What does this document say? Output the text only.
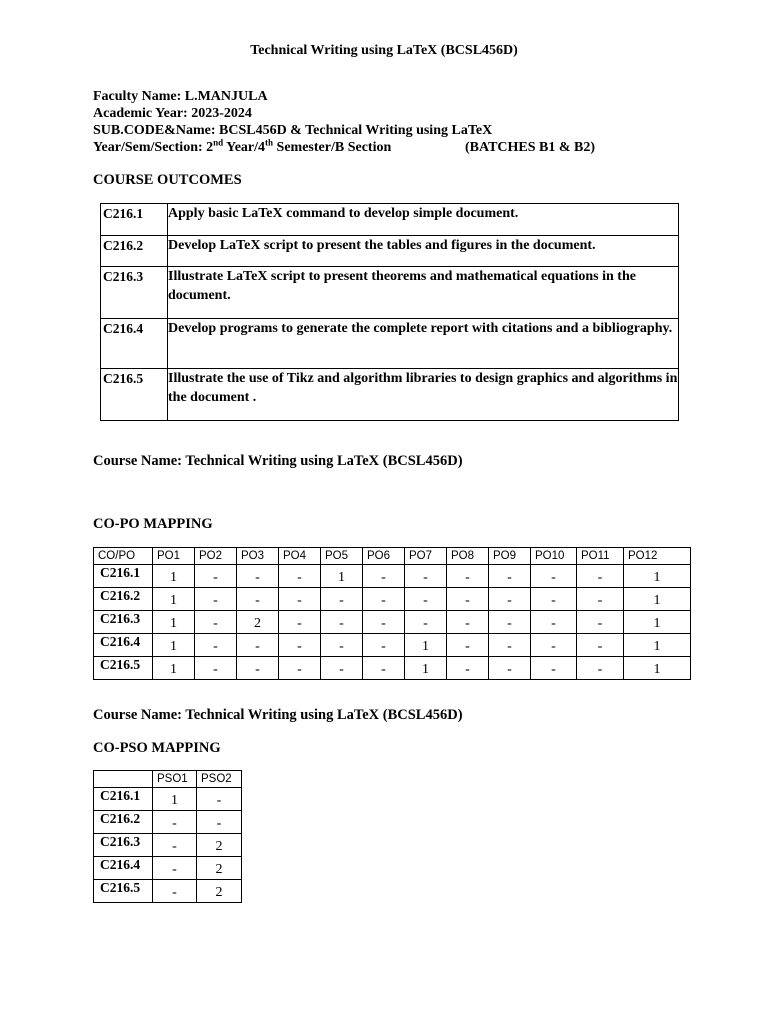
Technical Writing using LaTeX (BCSL456D)
Faculty Name: L.MANJULA
Academic Year: 2023-2024
SUB.CODE&Name: BCSL456D & Technical Writing using LaTeX
Year/Sem/Section: 2nd Year/4th Semester/B Section	(BATCHES B1 & B2)
COURSE OUTCOMES
C216.1	Apply basic LaTeX command to develop simple document.
C216.2	Develop LaTeX script to present the tables and figures in the document.
C216.3	Illustrate LaTeX script to present theorems and mathematical equations in the document.
C216.4	Develop programs to generate the complete report with citations and a bibliography.
C216.5	Illustrate the use of Tikz and algorithm libraries to design graphics and algorithms in the document .
Course Name: Technical Writing using LaTeX (BCSL456D)
CO-PO MAPPING
CO/PO	PO1	PO2	PO3	PO4	PO5	PO6	PO7	PO8	PO9	PO10	PO11	PO12
C216.1	1	-	-	-	1	-	-	-	-	-	-	1
C216.2	1	-	-	-	-	-	-	-	-	-	-	1
C216.3	1	-	2	-	-	-	-	-	-	-	-	1
C216.4	1	-	-	-	-	-	1	-	-	-	-	1
C216.5	1	-	-	-	-	-	1	-	-	-	-	1
Course Name: Technical Writing using LaTeX (BCSL456D)
CO-PSO MAPPING
	PSO1	PSO2
C216.1	1	-
C216.2	-	-
C216.3	-	2
C216.4	-	2
C216.5	-	2
